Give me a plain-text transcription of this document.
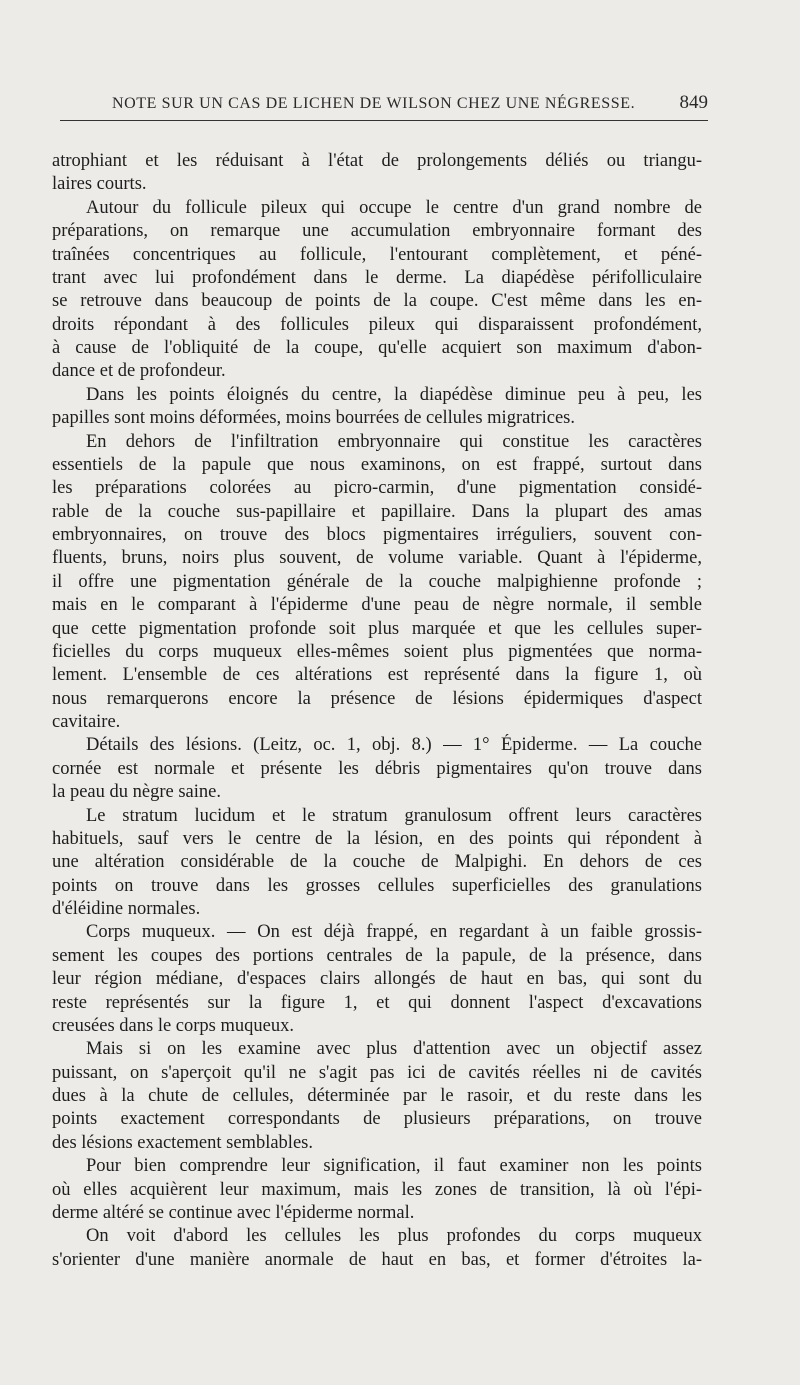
NOTE SUR UN CAS DE LICHEN DE WILSON CHEZ UNE NÉGRESSE. 849
atrophiant et les réduisant à l'état de prolongements déliés ou triangu-
laires courts.
Autour du follicule pileux qui occupe le centre d'un grand nombre de
préparations, on remarque une accumulation embryonnaire formant des
traînées concentriques au follicule, l'entourant complètement, et péné-
trant avec lui profondément dans le derme. La diapédèse périfolliculaire
se retrouve dans beaucoup de points de la coupe. C'est même dans les en-
droits répondant à des follicules pileux qui disparaissent profondément,
à cause de l'obliquité de la coupe, qu'elle acquiert son maximum d'abon-
dance et de profondeur.
Dans les points éloignés du centre, la diapédèse diminue peu à peu, les
papilles sont moins déformées, moins bourrées de cellules migratrices.
En dehors de l'infiltration embryonnaire qui constitue les caractères
essentiels de la papule que nous examinons, on est frappé, surtout dans
les préparations colorées au picro-carmin, d'une pigmentation considé-
rable de la couche sus-papillaire et papillaire. Dans la plupart des amas
embryonnaires, on trouve des blocs pigmentaires irréguliers, souvent con-
fluents, bruns, noirs plus souvent, de volume variable. Quant à l'épiderme,
il offre une pigmentation générale de la couche malpighienne profonde ;
mais en le comparant à l'épiderme d'une peau de nègre normale, il semble
que cette pigmentation profonde soit plus marquée et que les cellules super-
ficielles du corps muqueux elles-mêmes soient plus pigmentées que norma-
lement. L'ensemble de ces altérations est représenté dans la figure 1, où
nous remarquerons encore la présence de lésions épidermiques d'aspect
cavitaire.
Détails des lésions. (Leitz, oc. 1, obj. 8.) — 1° Épiderme. — La couche
cornée est normale et présente les débris pigmentaires qu'on trouve dans
la peau du nègre saine.
Le stratum lucidum et le stratum granulosum offrent leurs caractères
habituels, sauf vers le centre de la lésion, en des points qui répondent à
une altération considérable de la couche de Malpighi. En dehors de ces
points on trouve dans les grosses cellules superficielles des granulations
d'éléidine normales.
Corps muqueux. — On est déjà frappé, en regardant à un faible grossis-
sement les coupes des portions centrales de la papule, de la présence, dans
leur région médiane, d'espaces clairs allongés de haut en bas, qui sont du
reste représentés sur la figure 1, et qui donnent l'aspect d'excavations
creusées dans le corps muqueux.
Mais si on les examine avec plus d'attention avec un objectif assez
puissant, on s'aperçoit qu'il ne s'agit pas ici de cavités réelles ni de cavités
dues à la chute de cellules, déterminée par le rasoir, et du reste dans les
points exactement correspondants de plusieurs préparations, on trouve
des lésions exactement semblables.
Pour bien comprendre leur signification, il faut examiner non les points
où elles acquièrent leur maximum, mais les zones de transition, là où l'épi-
derme altéré se continue avec l'épiderme normal.
On voit d'abord les cellules les plus profondes du corps muqueux
s'orienter d'une manière anormale de haut en bas, et former d'étroites la-
